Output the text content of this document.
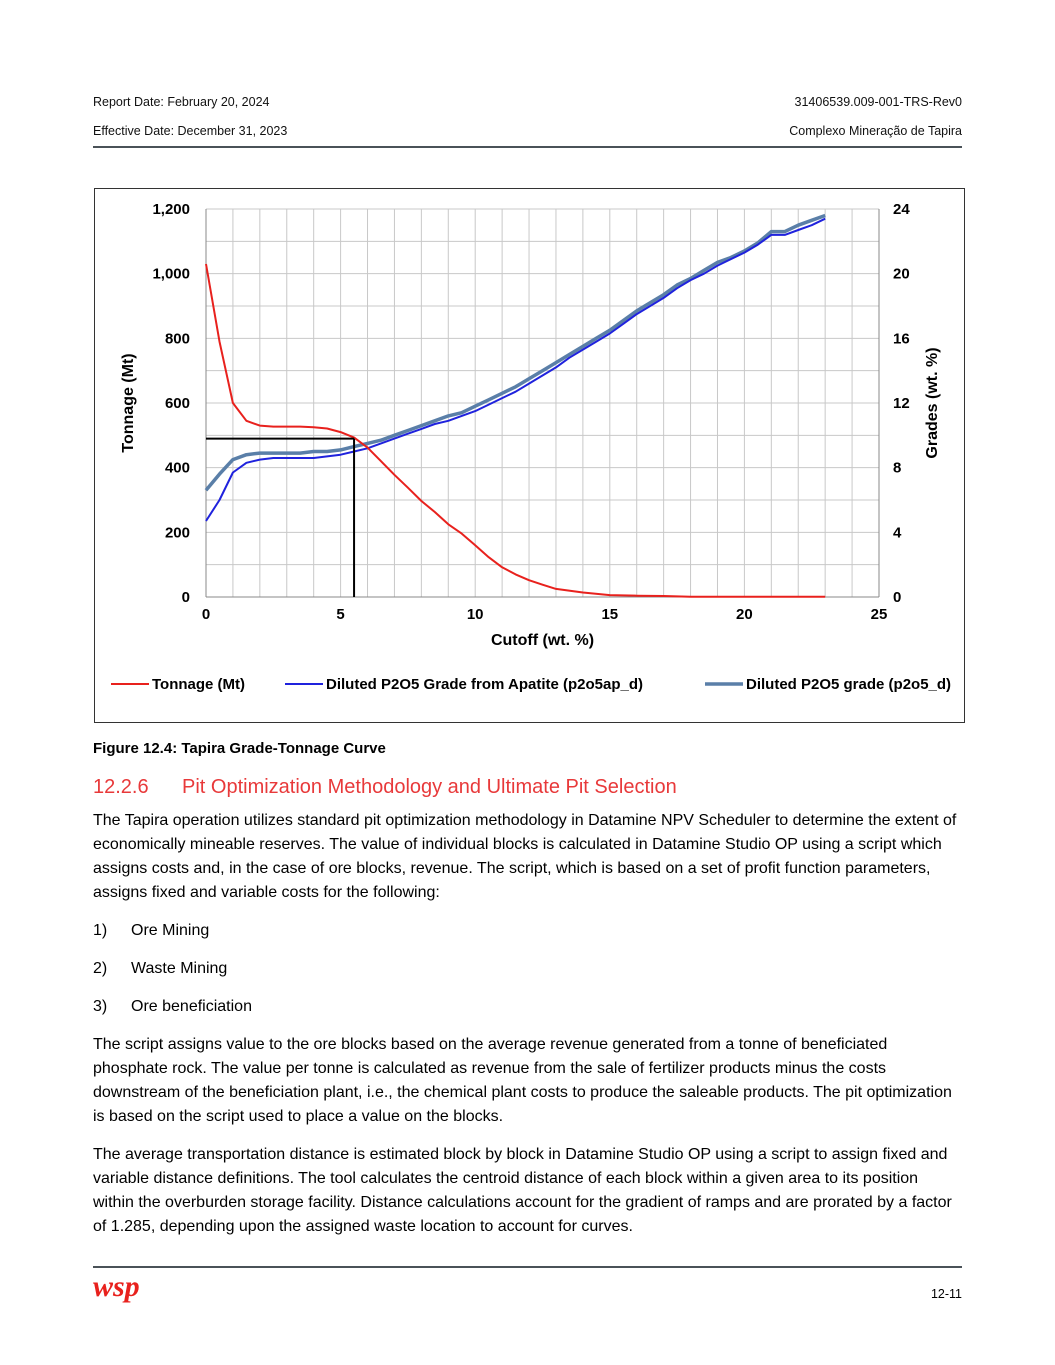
Report Date: February 20, 2024
Effective Date: December 31, 2023
31406539.009-001-TRS-Rev0
Complexo Mineração de Tapira
0	5	10	15	20	25
0
200
400
600
800
1,000
1,200
0
4
8
12
16
20
24
Cutoff (wt. %)
Tonnage (Mt)	Grades (wt. %)
Tonnage (Mt)	Diluted P2O5 Grade from Apatite (p2o5ap_d)	Diluted P2O5 grade (p2o5_d)
Figure 12.4: Tapira Grade-Tonnage Curve
12.2.6 Pit Optimization Methodology and Ultimate Pit Selection
The Tapira operation utilizes standard pit optimization methodology in Datamine NPV Scheduler to determine the extent of economically mineable reserves. The value of individual blocks is calculated in Datamine Studio OP using a script which assigns costs and, in the case of ore blocks, revenue. The script, which is based on a set of profit function parameters, assigns fixed and variable costs for the following:
1) Ore Mining
2) Waste Mining
3) Ore beneficiation
The script assigns value to the ore blocks based on the average revenue generated from a tonne of beneficiated phosphate rock. The value per tonne is calculated as revenue from the sale of fertilizer products minus the costs downstream of the beneficiation plant, i.e., the chemical plant costs to produce the saleable products. The pit optimization is based on the script used to place a value on the blocks.
The average transportation distance is estimated block by block in Datamine Studio OP using a script to assign fixed and variable distance definitions. The tool calculates the centroid distance of each block within a given area to its position within the overburden storage facility. Distance calculations account for the gradient of ramps and are prorated by a factor of 1.285, depending upon the assigned waste location to account for curves.
wsp	12-11
